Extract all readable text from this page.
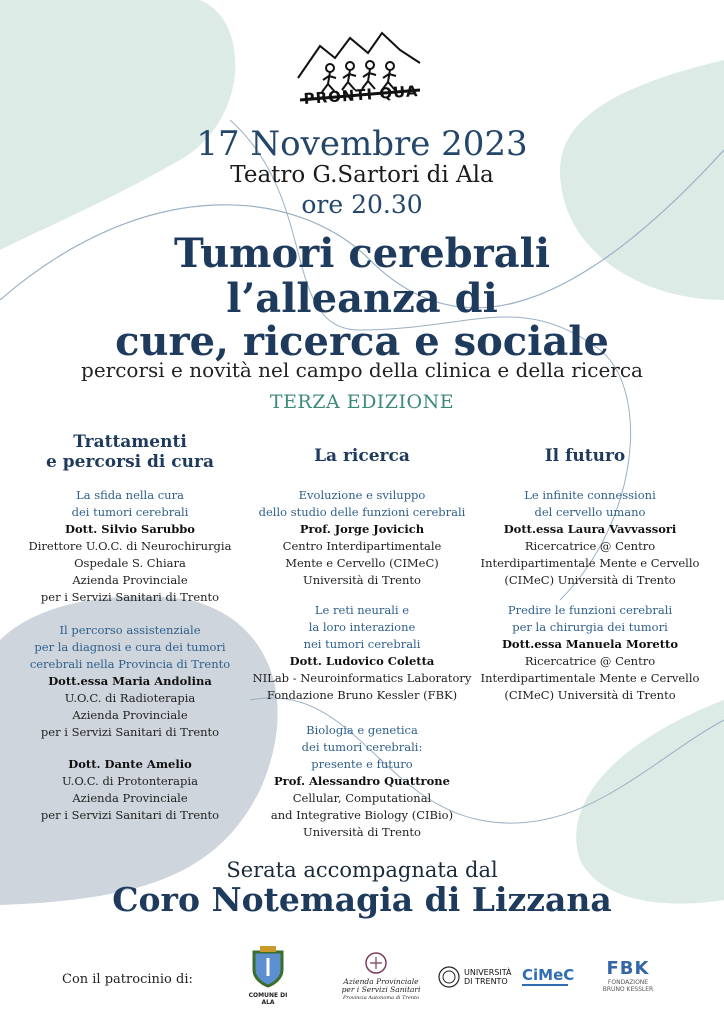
PRONTI QUA
17 Novembre 2023
Teatro G.Sartori di Ala
ore 20.30
Tumori cerebrali
l’alleanza di
cure, ricerca e sociale
percorsi e novità nel campo della clinica e della ricerca
TERZA EDIZIONE
Trattamenti
e percorsi di cura
La sfida nella cura
dei tumori cerebrali
Dott. Silvio Sarubbo
Direttore U.O.C. di Neurochirurgia
Ospedale S. Chiara
Azienda Provinciale
per i Servizi Sanitari di Trento
Il percorso assistenziale
per la diagnosi e cura dei tumori
cerebrali nella Provincia di Trento
Dott.essa Maria Andolina
U.O.C. di Radioterapia
Azienda Provinciale
per i Servizi Sanitari di Trento
Dott. Dante Amelio
U.O.C. di Protonterapia
Azienda Provinciale
per i Servizi Sanitari di Trento
La ricerca
Evoluzione e sviluppo
dello studio delle funzioni cerebrali
Prof. Jorge Jovicich
Centro Interdipartimentale
Mente e Cervello (CIMeC)
Università di Trento
Le reti neurali e
la loro interazione
nei tumori cerebrali
Dott. Ludovico Coletta
NILab - Neuroinformatics Laboratory
Fondazione Bruno Kessler (FBK)
Biologia e genetica
dei tumori cerebrali:
presente e futuro
Prof. Alessandro Quattrone
Cellular, Computational
and Integrative Biology (CIBio)
Università di Trento
Il futuro
Le infinite connessioni
del cervello umano
Dott.essa Laura Vavvassori
Ricercatrice @ Centro
Interdipartimentale Mente e Cervello
(CIMeC) Università di Trento
Predire le funzioni cerebrali
per la chirurgia dei tumori
Dott.essa Manuela Moretto
Ricercatrice @ Centro
Interdipartimentale Mente e Cervello
(CIMeC) Università di Trento
Serata accompagnata dal
Coro Notemagia di Lizzana
Con il patrocinio di:
COMUNE DI ALA
Azienda Provinciale
per i Servizi Sanitari
Provincia Autonoma di Trento
UNIVERSITÀ
DI TRENTO CiMeC	FBK
FONDAZIONE
BRUNO KESSLER
